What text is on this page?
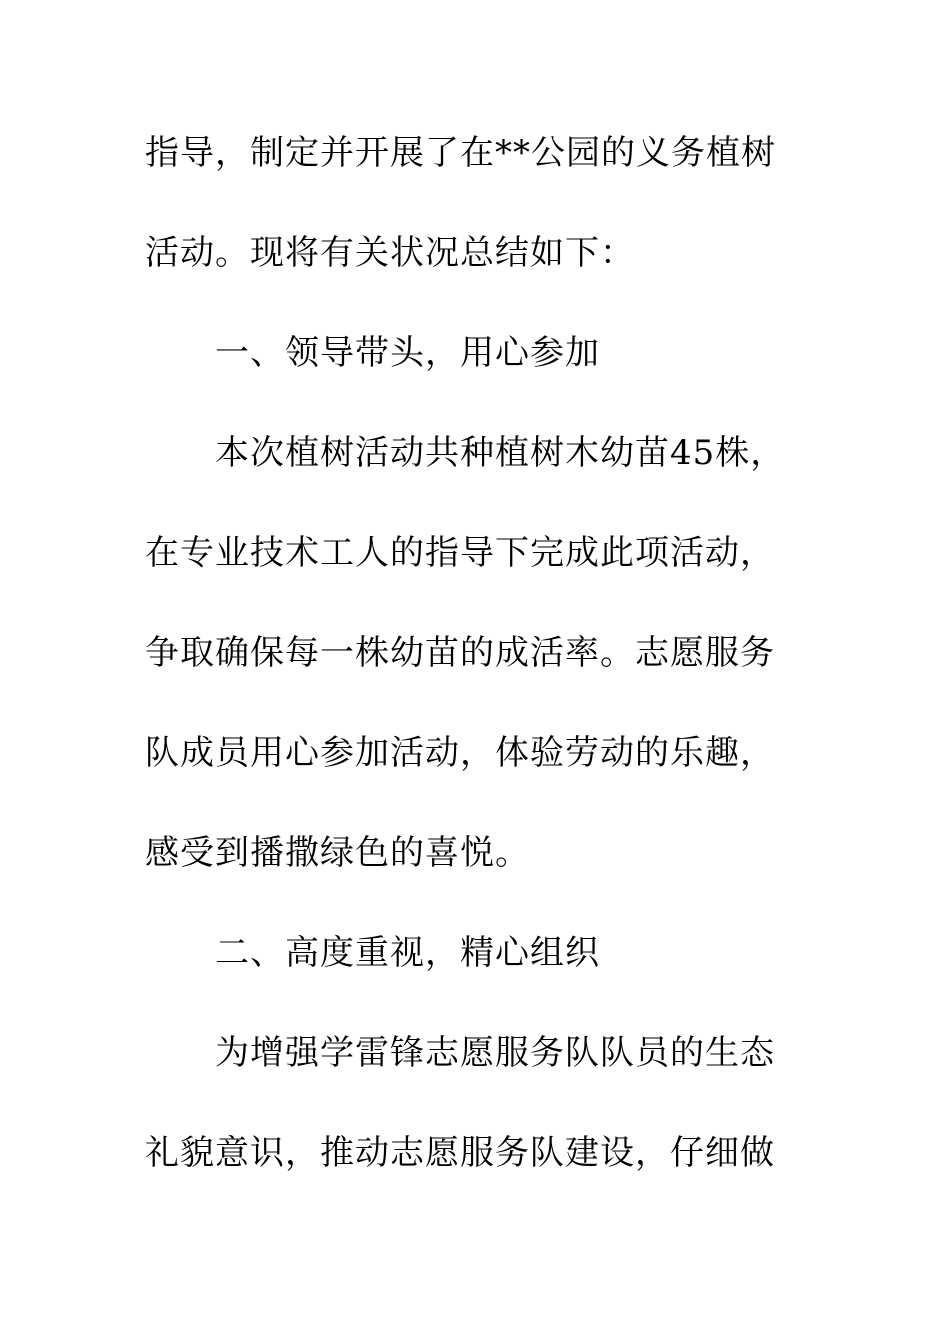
指导，制定并开展了在**公园的义务植树
活动。现将有关状况总结如下：
一、领导带头，用心参加
本次植树活动共种植树木幼苗45株，
在专业技术工人的指导下完成此项活动，
争取确保每一株幼苗的成活率。志愿服务
队成员用心参加活动，体验劳动的乐趣，
感受到播撒绿色的喜悦。
二、高度重视，精心组织
为增强学雷锋志愿服务队队员的生态
礼貌意识，推动志愿服务队建设，仔细做
